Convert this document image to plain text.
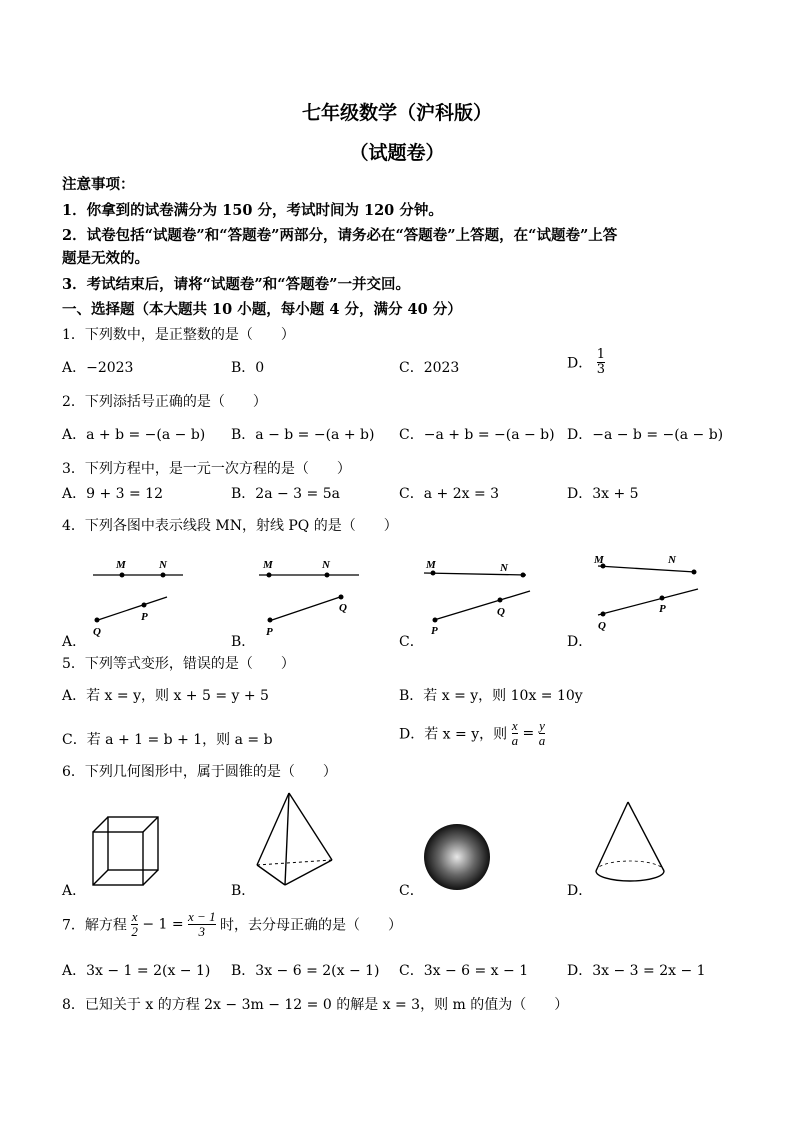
七年级数学（沪科版）
（试题卷）
注意事项：
1．你拿到的试卷满分为 150 分，考试时间为 120 分钟。
2．试卷包括“试题卷”和“答题卷”两部分，请务必在“答题卷”上答题，在“试题卷”上答
题是无效的。
3．考试结束后，请将“试题卷”和“答题卷”一并交回。
一、选择题（本大题共 10 小题，每小题 4 分，满分 40 分）
1．下列数中，是正整数的是（　　）
A．−2023	B．0	C．2023	D． $\frac{1}{3}$
2．下列添括号正确的是（　　）
A．a + b = −(a − b) B．a − b = −(a + b) C．−a + b = −(a − b) D．−a − b = −(a − b)
3．下列方程中，是一元一次方程的是（　　）
A．9 + 3 = 12	B．2a − 3 = 5a	C．a + 2x = 3	D．3x + 5
4．下列各图中表示线段 MN，射线 PQ 的是（　　）
M	N
Q
P
A．
M	N
P
Q
B．
M	N
P
Q
C．
M	N
Q
P
D．
5．下列等式变形，错误的是（　　）
A．若 x = y，则 x + 5 = y + 5	B．若 x = y，则 10x = 10y
C．若 a + 1 = b + 1，则 a = b	D．若 x = y，则 $\frac{x}{a} = \frac{y}{a}$
6．下列几何图形中，属于圆锥的是（　　）
A．	B．	C．	D．
7．解方程 $\frac{x}{2} - 1 = \frac{x - 1}{3}$ 时，去分母正确的是（　　）
A．3x − 1 = 2(x − 1) B．3x − 6 = 2(x − 1) C．3x − 6 = x − 1	D．3x − 3 = 2x − 1
8．已知关于 x 的方程 2x − 3m − 12 = 0 的解是 x = 3，则 m 的值为（　　）
